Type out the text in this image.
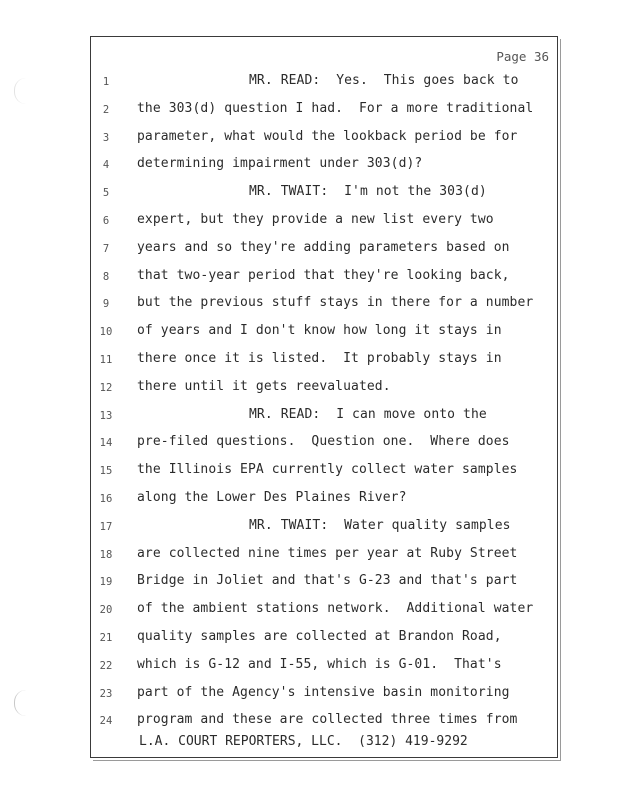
Page 36
1	MR. READ:  Yes.  This goes back to
2	the 303(d) question I had.  For a more traditional
3	parameter, what would the lookback period be for
4	determining impairment under 303(d)?
5	MR. TWAIT:  I'm not the 303(d)
6	expert, but they provide a new list every two
7	years and so they're adding parameters based on
8	that two-year period that they're looking back,
9	but the previous stuff stays in there for a number
10	of years and I don't know how long it stays in
11	there once it is listed.  It probably stays in
12	there until it gets reevaluated.
13	MR. READ:  I can move onto the
14	pre-filed questions.  Question one.  Where does
15	the Illinois EPA currently collect water samples
16	along the Lower Des Plaines River?
17	MR. TWAIT:  Water quality samples
18	are collected nine times per year at Ruby Street
19	Bridge in Joliet and that's G-23 and that's part
20	of the ambient stations network.  Additional water
21	quality samples are collected at Brandon Road,
22	which is G-12 and I-55, which is G-01.  That's
23	part of the Agency's intensive basin monitoring
24	program and these are collected three times from
L.A. COURT REPORTERS, LLC.  (312) 419-9292
